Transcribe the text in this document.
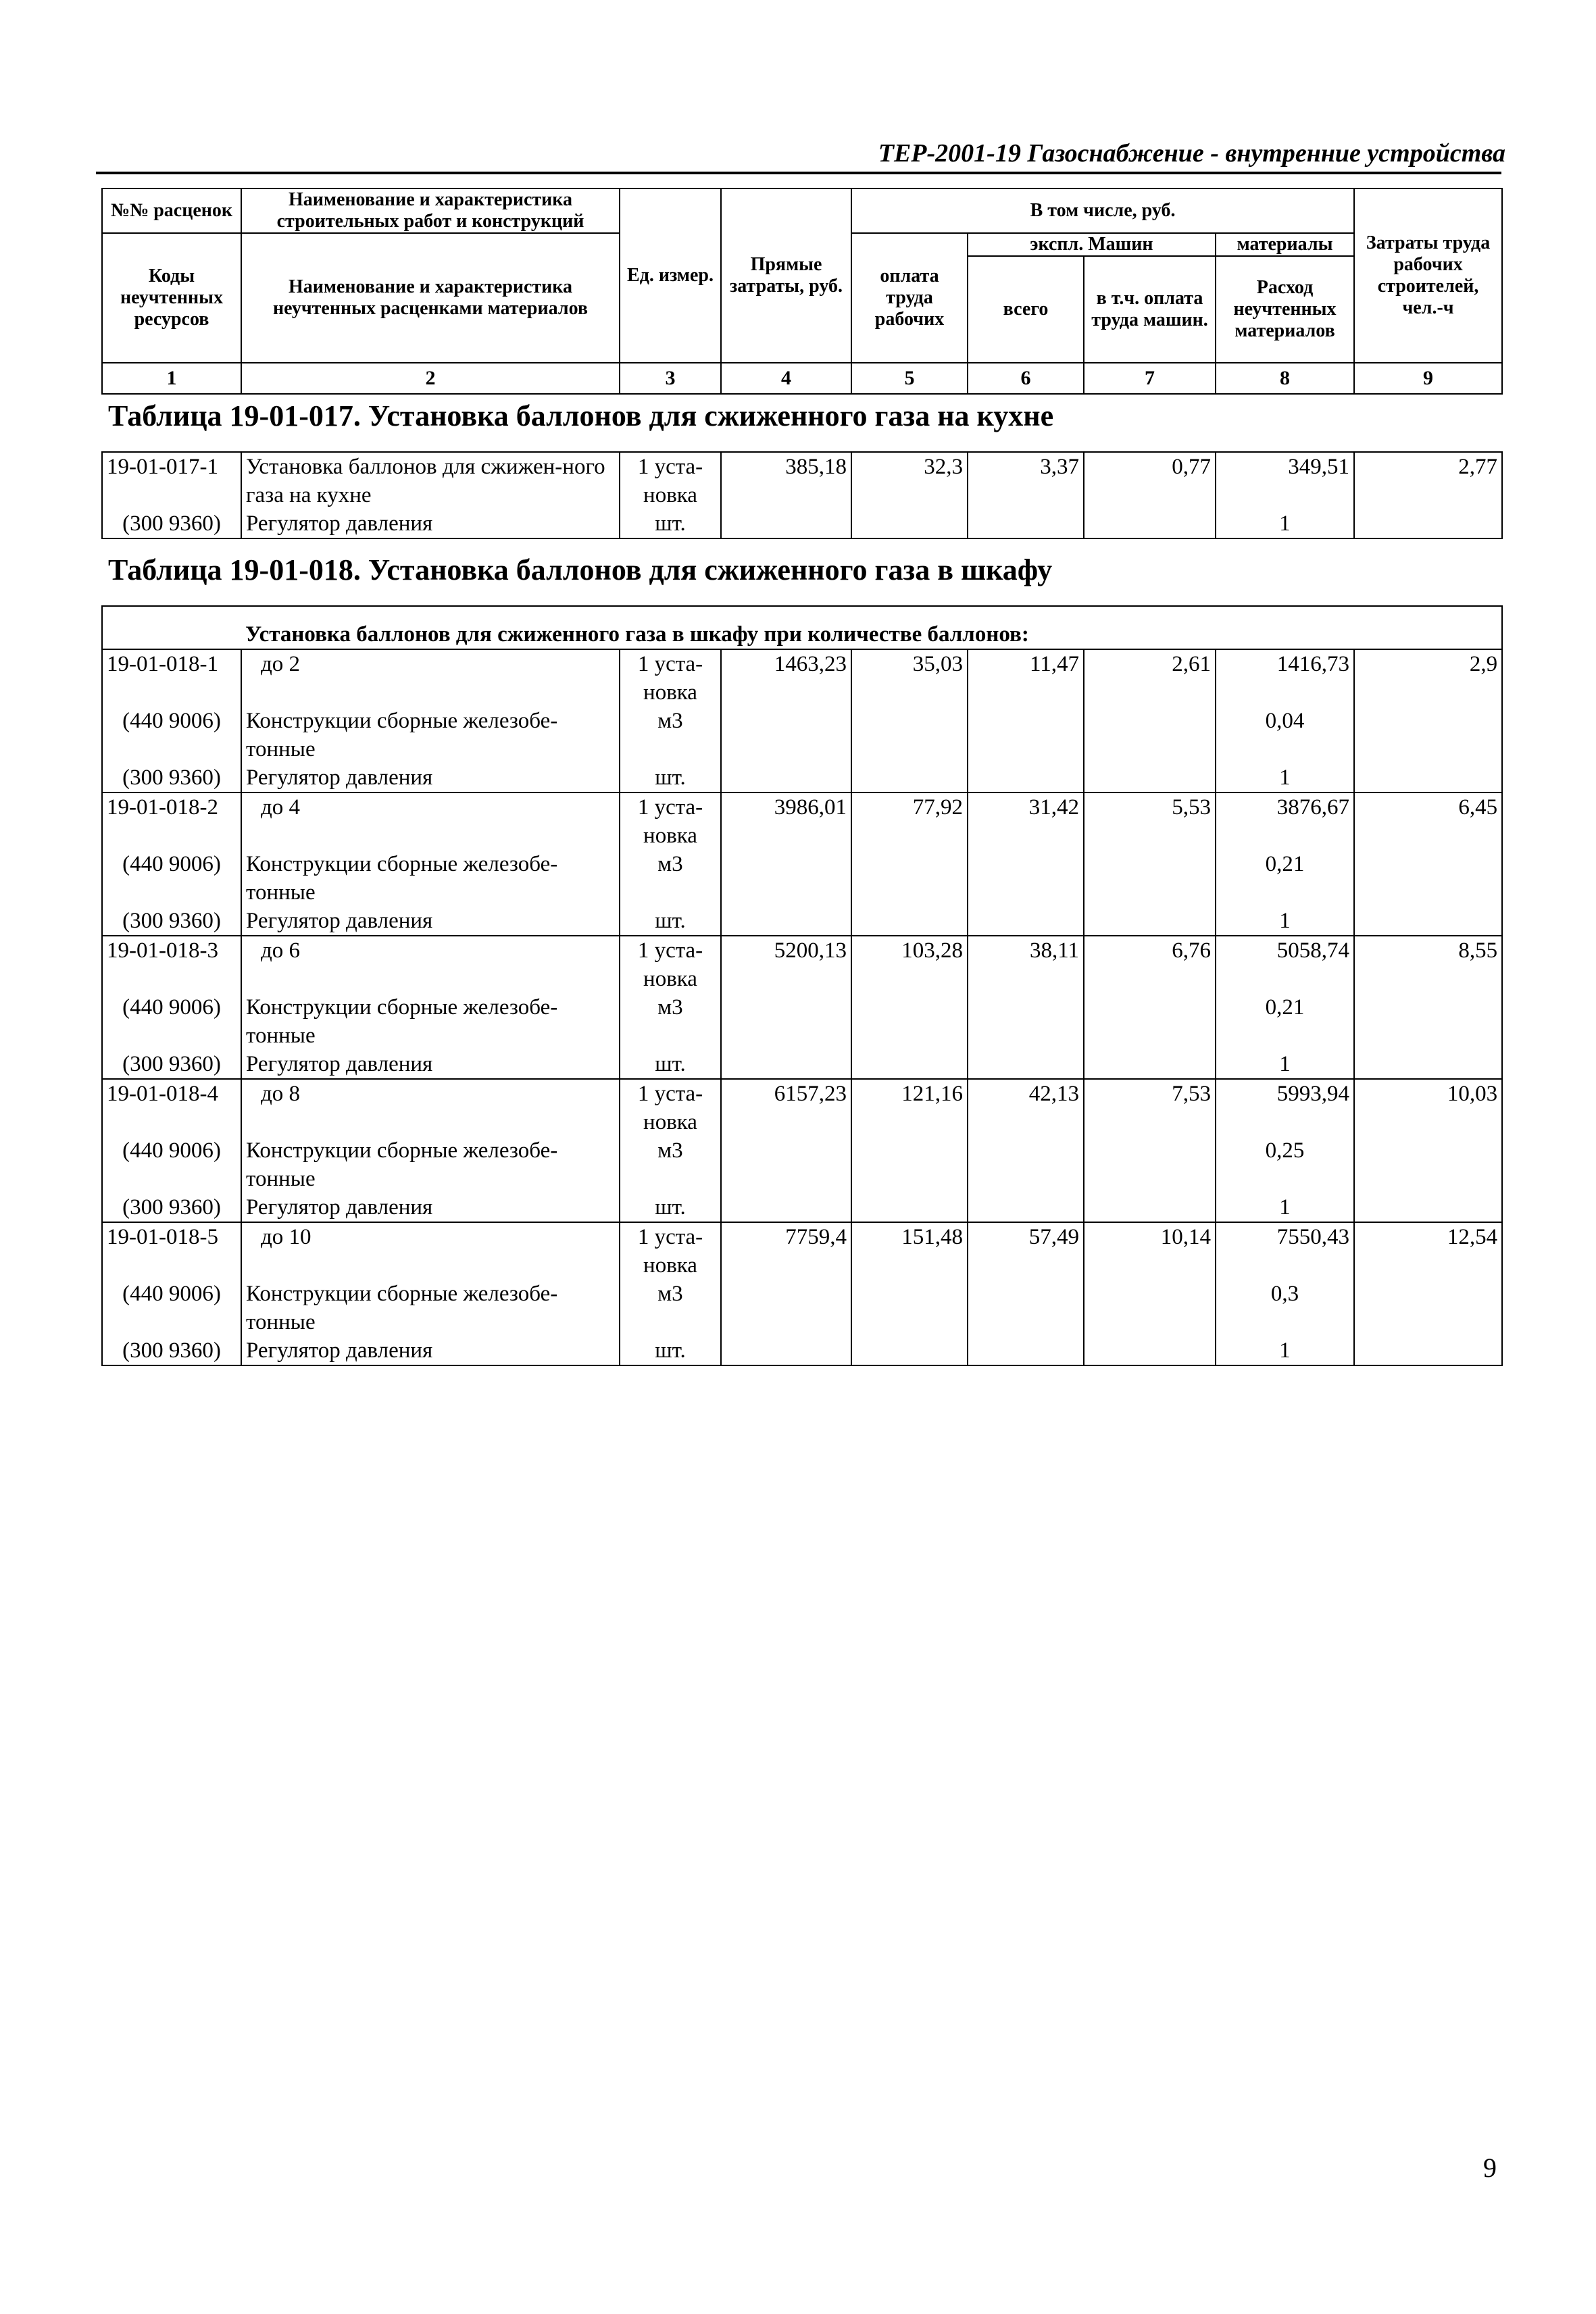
ТЕР-2001-19 Газоснабжение - внутренние устройства
№№ расценок	Наименование и характеристика строительных работ и конструкций	Ед. измер.	Прямые затраты, руб.	В том числе, руб.				Затраты труда рабочих строителей, чел.-ч
Коды неучтенных ресурсов	Наименование и характеристика неучтенных расценками материалов			оплата труда рабочих	экспл. Машин		материалы	
					всего	в т.ч. оплата труда машин.	Расход неучтенных материалов	
1	2	3	4	5	6	7	8	9
Таблица 19-01-017. Установка баллонов для сжиженного газа на кухне
19-01-017-1	Установка баллонов для сжижен-ного газа на кухне	1 уста-новка	385,18	32,3	3,37	0,77	349,51	2,77
(300 9360)	Регулятор давления	шт.					1	
Таблица 19-01-018. Установка баллонов для сжиженного газа в шкафу
	Установка баллонов для сжиженного газа в шкафу при количестве баллонов:							
19-01-018-1	до 2	1 уста-новка	1463,23	35,03	11,47	2,61	1416,73	2,9
(440 9006)	Конструкции сборные железобе-тонные	м3					0,04	
(300 9360)	Регулятор давления	шт.					1	
19-01-018-2	до 4	1 уста-новка	3986,01	77,92	31,42	5,53	3876,67	6,45
(440 9006)	Конструкции сборные железобе-тонные	м3					0,21	
(300 9360)	Регулятор давления	шт.					1	
19-01-018-3	до 6	1 уста-новка	5200,13	103,28	38,11	6,76	5058,74	8,55
(440 9006)	Конструкции сборные железобе-тонные	м3					0,21	
(300 9360)	Регулятор давления	шт.					1	
19-01-018-4	до 8	1 уста-новка	6157,23	121,16	42,13	7,53	5993,94	10,03
(440 9006)	Конструкции сборные железобе-тонные	м3					0,25	
(300 9360)	Регулятор давления	шт.					1	
19-01-018-5	до 10	1 уста-новка	7759,4	151,48	57,49	10,14	7550,43	12,54
(440 9006)	Конструкции сборные железобе-тонные	м3					0,3	
(300 9360)	Регулятор давления	шт.					1	
9
